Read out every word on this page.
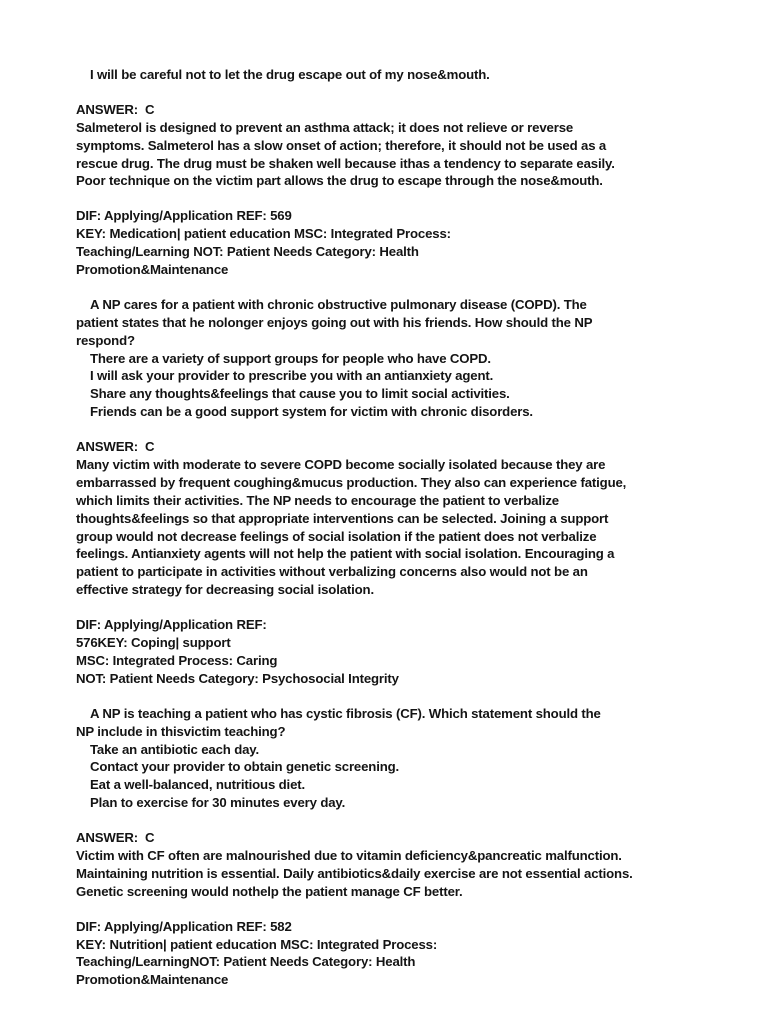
I will be careful not to let the drug escape out of my nose&mouth.
ANSWER:  C
Salmeterol is designed to prevent an asthma attack; it does not relieve or reverse
symptoms. Salmeterol has a slow onset of action; therefore, it should not be used as a
rescue drug. The drug must be shaken well because ithas a tendency to separate easily.
Poor technique on the victim part allows the drug to escape through the nose&mouth.
DIF: Applying/Application REF: 569
KEY: Medication| patient education MSC: Integrated Process:
Teaching/Learning NOT: Patient Needs Category: Health
Promotion&Maintenance
A NP cares for a patient with chronic obstructive pulmonary disease (COPD). The
patient states that he nolonger enjoys going out with his friends. How should the NP
respond?
There are a variety of support groups for people who have COPD.
I will ask your provider to prescribe you with an antianxiety agent.
Share any thoughts&feelings that cause you to limit social activities.
Friends can be a good support system for victim with chronic disorders.
ANSWER:  C
Many victim with moderate to severe COPD become socially isolated because they are
embarrassed by frequent coughing&mucus production. They also can experience fatigue,
which limits their activities. The NP needs to encourage the patient to verbalize
thoughts&feelings so that appropriate interventions can be selected. Joining a support
group would not decrease feelings of social isolation if the patient does not verbalize
feelings. Antianxiety agents will not help the patient with social isolation. Encouraging a
patient to participate in activities without verbalizing concerns also would not be an
effective strategy for decreasing social isolation.
DIF: Applying/Application REF:
576KEY: Coping| support
MSC: Integrated Process: Caring
NOT: Patient Needs Category: Psychosocial Integrity
A NP is teaching a patient who has cystic fibrosis (CF). Which statement should the
NP include in thisvictim teaching?
Take an antibiotic each day.
Contact your provider to obtain genetic screening.
Eat a well-balanced, nutritious diet.
Plan to exercise for 30 minutes every day.
ANSWER:  C
Victim with CF often are malnourished due to vitamin deficiency&pancreatic malfunction.
Maintaining nutrition is essential. Daily antibiotics&daily exercise are not essential actions.
Genetic screening would nothelp the patient manage CF better.
DIF: Applying/Application REF: 582
KEY: Nutrition| patient education MSC: Integrated Process:
Teaching/LearningNOT: Patient Needs Category: Health
Promotion&Maintenance
